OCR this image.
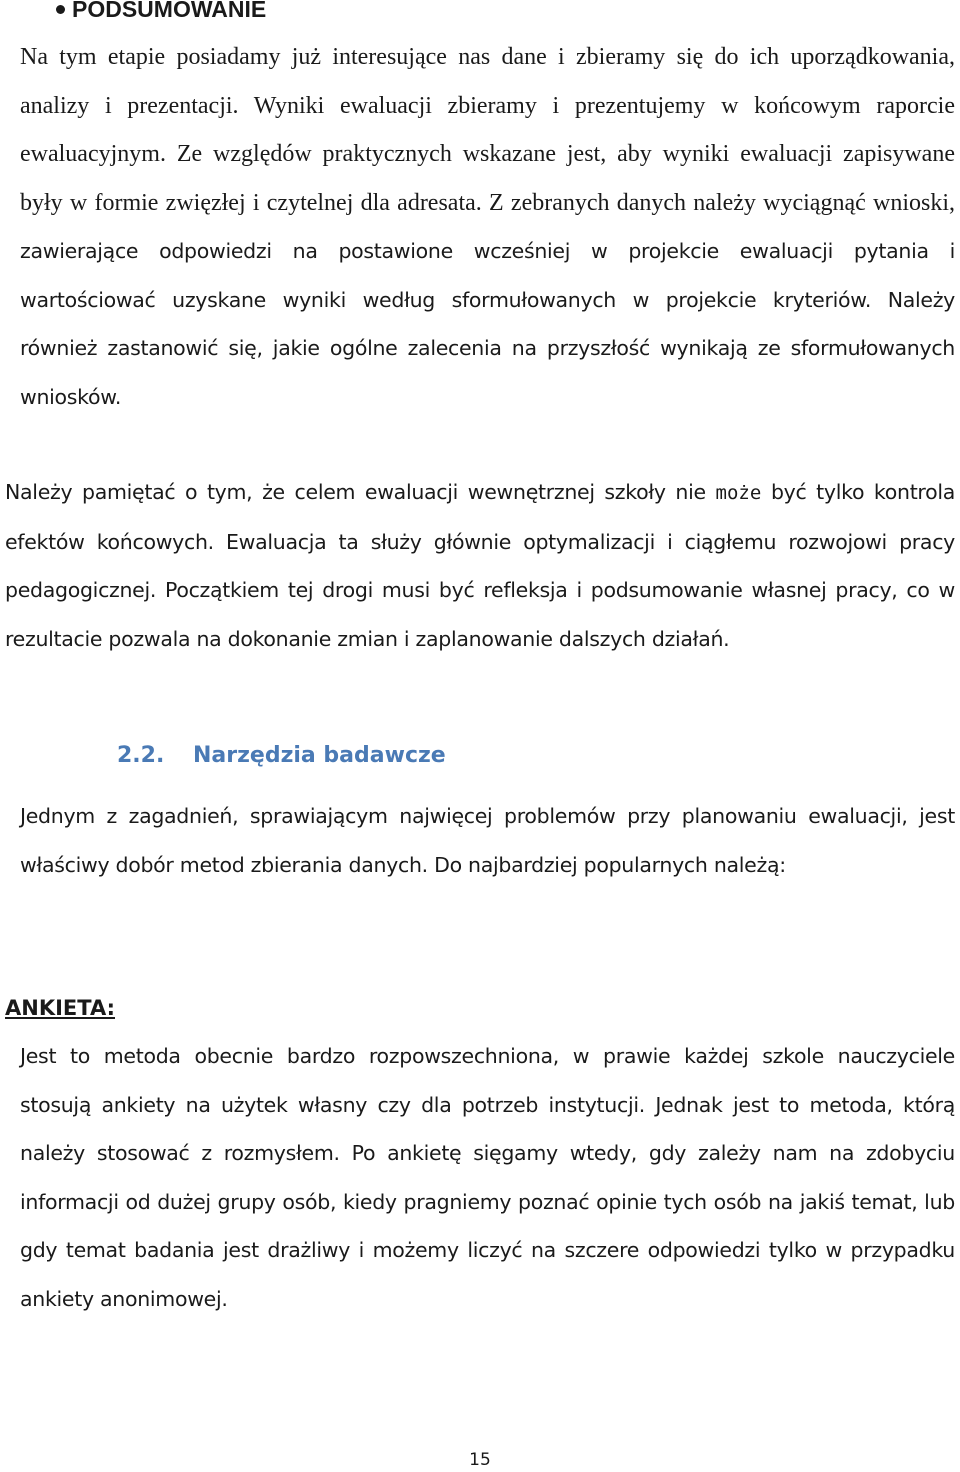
PODSUMOWANIE

Na tym etapie posiadamy już interesujące nas dane i zbieramy się do ich uporządkowania, analizy i prezentacji. Wyniki ewaluacji zbieramy i prezentujemy w końcowym raporcie ewaluacyjnym. Ze względów praktycznych wskazane jest, aby wyniki ewaluacji zapisywane były w formie zwięzłej i czytelnej dla adresata. Z zebranych danych należy wyciągnąć wnioski, zawierające odpowiedzi na postawione wcześniej w projekcie ewaluacji pytania i wartościować uzyskane wyniki według sformułowanych w projekcie kryteriów. Należy również zastanowić się, jakie ogólne zalecenia na przyszłość wynikają ze sformułowanych wniosków.

Należy pamiętać o tym, że celem ewaluacji wewnętrznej szkoły nie może być tylko kontrola efektów końcowych. Ewaluacja ta służy głównie optymalizacji i ciągłemu rozwojowi pracy pedagogicznej. Początkiem tej drogi musi być refleksja i podsumowanie własnej pracy, co w rezultacie pozwala na dokonanie zmian i zaplanowanie dalszych działań.

2.2. Narzędzia badawcze

Jednym z zagadnień, sprawiającym najwięcej problemów przy planowaniu ewaluacji, jest właściwy dobór metod zbierania danych. Do najbardziej popularnych należą:

ANKIETA:

Jest to metoda obecnie bardzo rozpowszechniona, w prawie każdej szkole nauczyciele stosują ankiety na użytek własny czy dla potrzeb instytucji. Jednak jest to metoda, którą należy stosować z rozmysłem. Po ankietę sięgamy wtedy, gdy zależy nam na zdobyciu informacji od dużej grupy osób, kiedy pragniemy poznać opinie tych osób na jakiś temat, lub gdy temat badania jest drażliwy i możemy liczyć na szczere odpowiedzi tylko w przypadku ankiety anonimowej.

15
